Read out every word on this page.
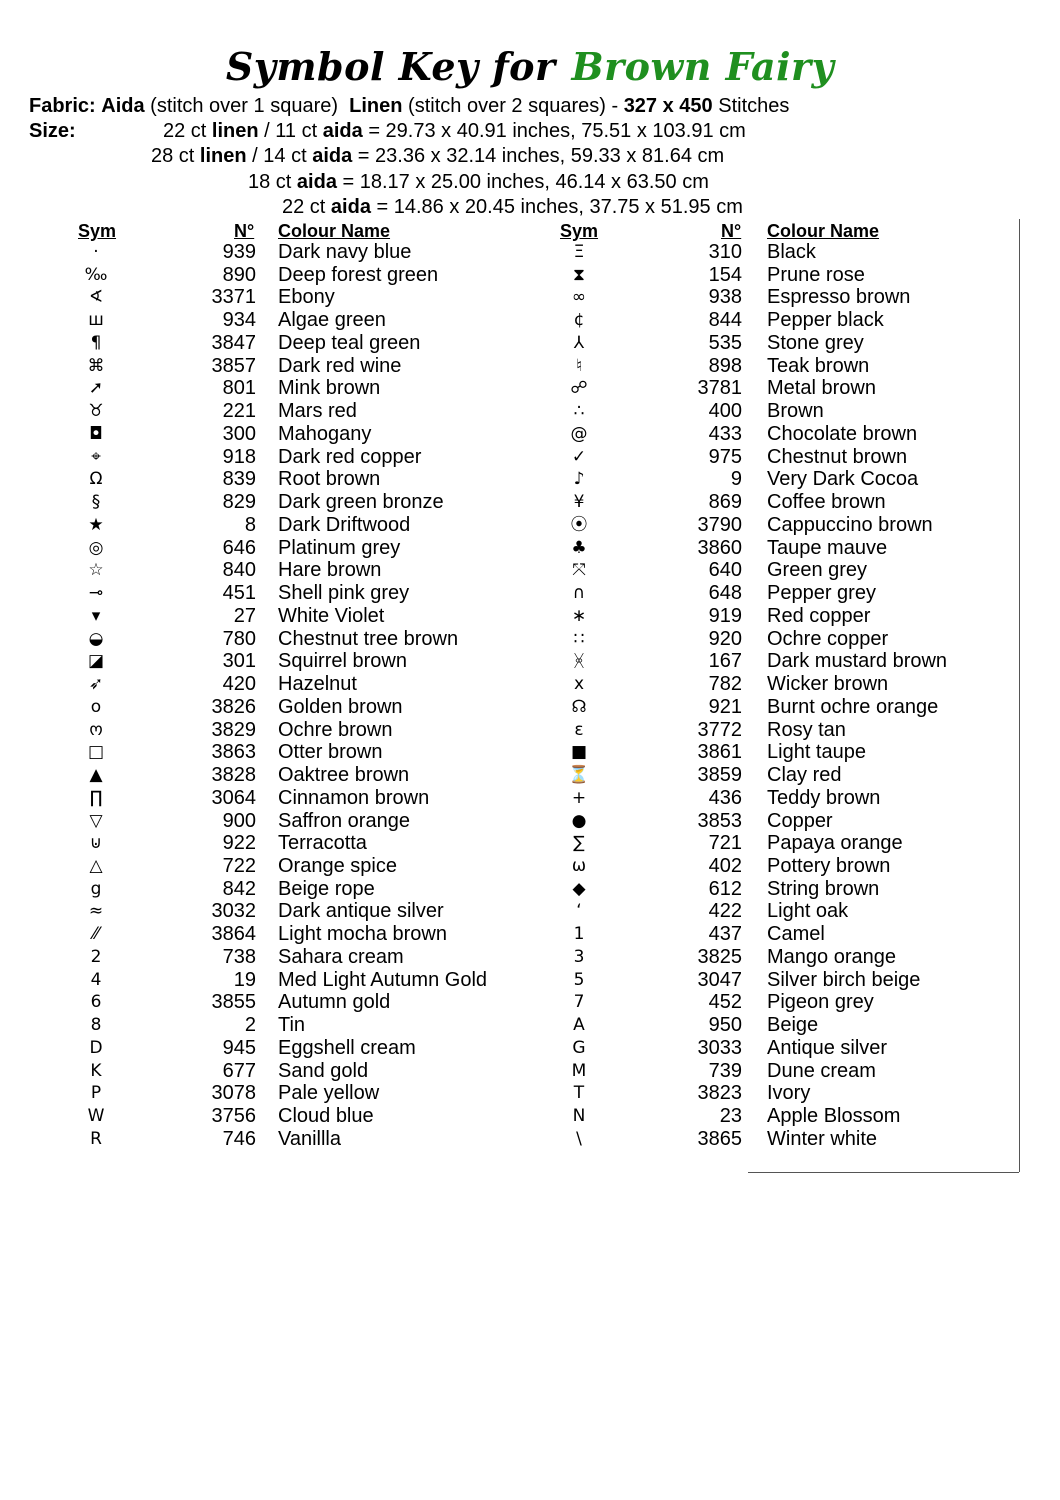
Symbol Key for Brown Fairy
Fabric: Aida (stitch over 1 square) Linen (stitch over 2 squares) - 327 x 450 Stitches
Size:	22 ct linen / 11 ct aida = 29.73 x 40.91 inches, 75.51 x 103.91 cm
28 ct linen / 14 ct aida = 23.36 x 32.14 inches, 59.33 x 81.64 cm
18 ct aida = 18.17 x 25.00 inches, 46.14 x 63.50 cm
22 ct aida = 14.86 x 20.45 inches, 37.75 x 51.95 cm
Sym	N° Colour Name	Sym	N° Colour Name
·	939 Dark navy blue
‰	890 Deep forest green
∢	3371 Ebony
ш	934 Algae green
¶	3847 Deep teal green
⌘	3857 Dark red wine
➚	801 Mink brown
♉	221 Mars red
◘	300 Mahogany
⌖	918 Dark red copper
Ω	839 Root brown
§	829 Dark green bronze
★	8 Dark Driftwood
◎	646 Platinum grey
☆	840 Hare brown
⊸	451 Shell pink grey
▾	27 White Violet
◒	780 Chestnut tree brown
◪	301 Squirrel brown
➶	420 Hazelnut
o	3826 Golden brown
ო	3829 Ochre brown
□	3863 Otter brown
▲	3828 Oaktree brown
∏	3064 Cinnamon brown
▽	900 Saffron orange
⊍	922 Terracotta
△	722 Orange spice
g	842 Beige rope
≈	3032 Dark antique silver
⁄⁄	3864 Light mocha brown
2	738 Sahara cream
4	19 Med Light Autumn Gold
6	3855 Autumn gold
8	2 Tin
D	945 Eggshell cream
K	677 Sand gold
P	3078 Pale yellow
W	3756 Cloud blue
R	746 Vanillla
Ξ	310 Black
⧗	154 Prune rose
∞	938 Espresso brown
¢	844 Pepper black
⅄	535 Stone grey
♮	898 Teak brown
☍	3781 Metal brown
∴	400 Brown
@	433 Chocolate brown
✓	975 Chestnut brown
♪	9 Very Dark Cocoa
¥	869 Coffee brown
⦿	3790 Cappuccino brown
♣	3860 Taupe mauve
⤧	640 Green grey
∩	648 Pepper grey
∗	919 Red copper
∷	920 Ochre copper
ᚸ	167 Dark mustard brown
x	782 Wicker brown
☊	921 Burnt ochre orange
ε	3772 Rosy tan
■	3861 Light taupe
⏳	3859 Clay red
+	436 Teddy brown
●	3853 Copper
∑	721 Papaya orange
ω	402 Pottery brown
◆	612 String brown
‘	422 Light oak
1	437 Camel
3	3825 Mango orange
5	3047 Silver birch beige
7	452 Pigeon grey
A	950 Beige
G	3033 Antique silver
M	739 Dune cream
T	3823 Ivory
N	23 Apple Blossom
\	3865 Winter white
